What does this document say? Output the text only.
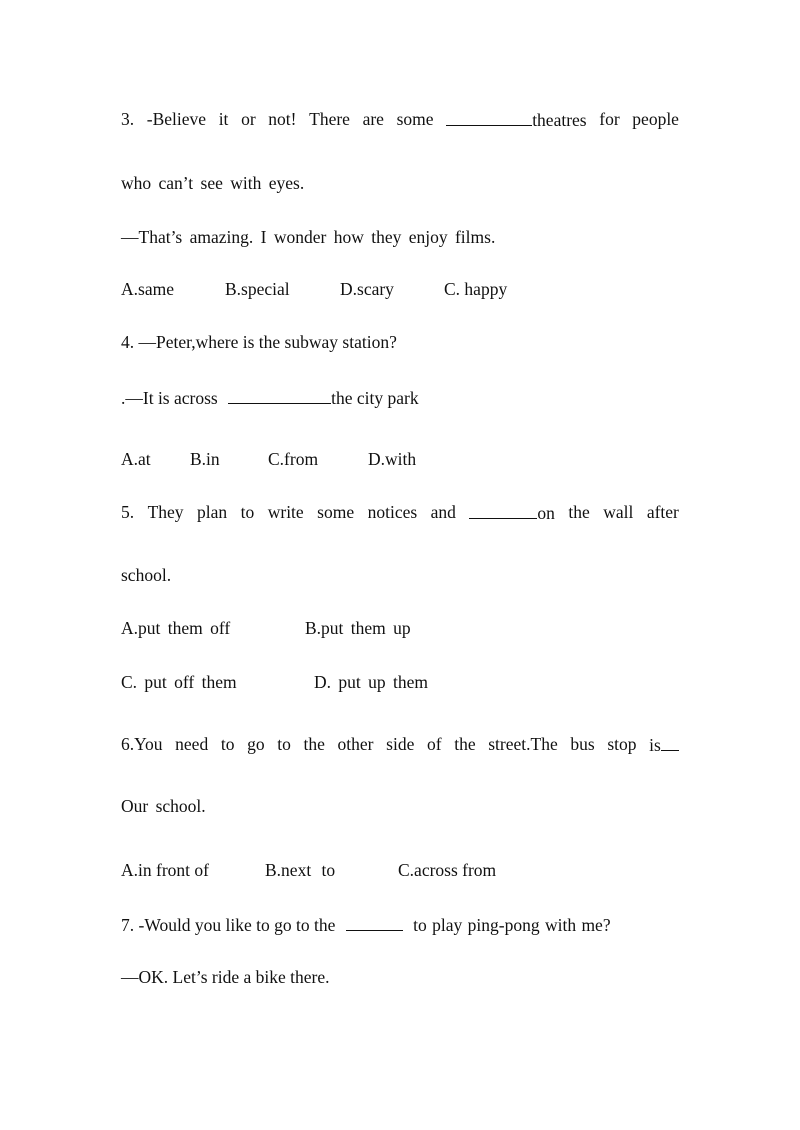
3. -Believe it or not! There are some	theatres for people
who can’t see with eyes.
—That’s amazing. I wonder how they enjoy films.
A.same	B.special	D.scary	C. happy
4. —Peter,where is the subway station?
.—It is across	the city park
A.at B.in	C.from	D.with
5. They plan to write some notices and	on the wall after
school.
A.put them off	B.put them up
C. put off them	D. put up them
6.You need to go to the other side of the street.The bus stop is
Our school.
A.in front of	B.next to	C.across from
7. -Would you like to go to the	to play ping-pong with me?
—OK. Let’s ride a bike there.
